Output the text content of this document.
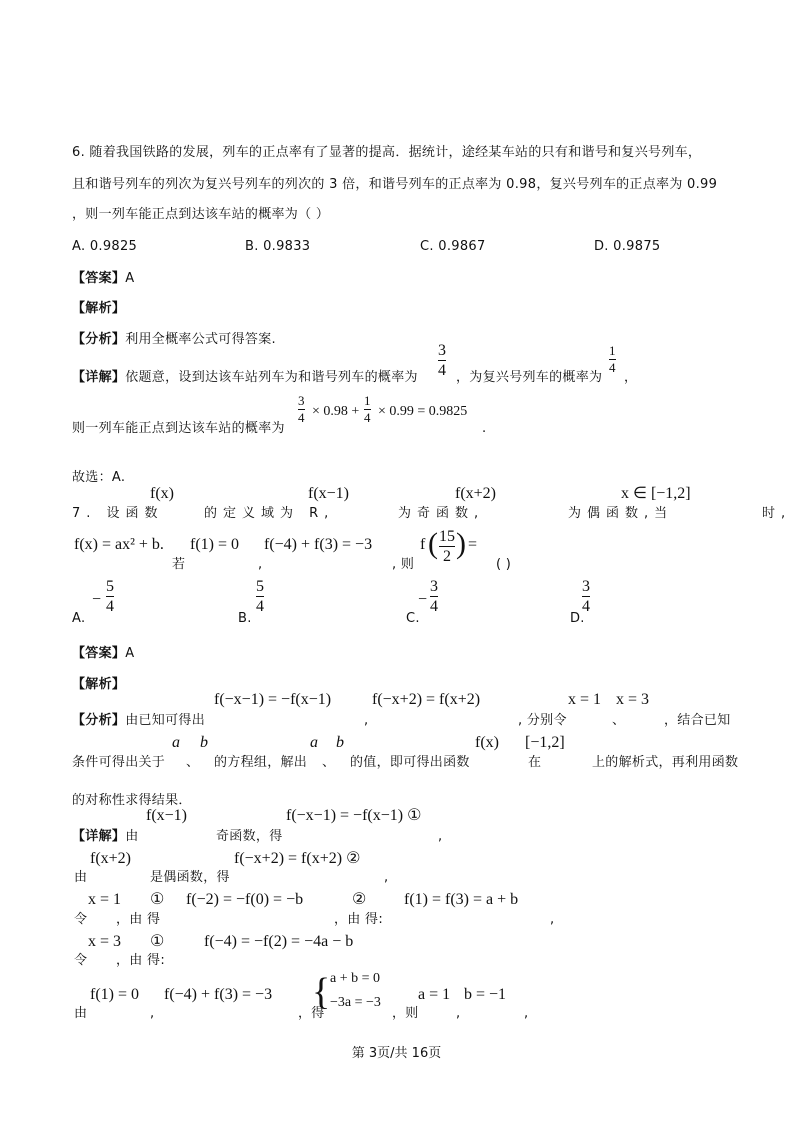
6. 随着我国铁路的发展，列车的正点率有了显著的提高．据统计，途经某车站的只有和谐号和复兴号列车，
且和谐号列车的列次为复兴号列车的列次的 3 倍，和谐号列车的正点率为 0.98，复兴号列车的正点率为 0.99
，则一列车能正点到达该车站的概率为（ ）
A. 0.9825	B. 0.9833	C. 0.9867	D. 0.9875
【答案】A
【解析】
【分析】利用全概率公式可得答案.
【详解】依题意，设到达该车站列车为和谐号列车的概率为
3
4 ，为复兴号列车的概率为
1
4
，
则一列车能正点到达该车站的概率为
3
4 × 0.98 +
1
4 × 0.99 = 0.9825
.
故选：A.
f(x)	f(x−1)	f(x+2)	x ∈ [−1,2]
7. 设函数	的定义域为 R,	为奇函数,	为偶函数,当	时,
f(x) = ax² + b. f(1) = 0 f(−4) + f(3) = −3
若	,	, 则
f ( 15
2 ) =
( )
A.
−
5
4
B.
5
4
C.
−
3
4
D.
3
4
【答案】A
【解析】
f(−x−1) = −f(x−1)	f(−x+2) = f(x+2)	x = 1 x = 3
【分析】由已知可得出	,	, 分别令	、	，结合已知
a b	a b	f(x) [−1,2]
条件可得出关于 、 的方程组，解出 、 的值，即可得出函数	在	上的解析式，再利用函数
的对称性求得结果．
f(x−1)	f(−x−1) = −f(x−1) ①
【详解】由	奇函数，得	,
f(x+2)	f(−x+2) = f(x+2) ②
由	是偶函数，得	,
x = 1 ① f(−2) = −f(0) = −b	② f(1) = f(3) = a + b
令 ，由 得	，由 得:	,
x = 3 ① f(−4) = −f(2) = −4a − b
令 ，由 得:
f(1) = 0 f(−4) + f(3) = −3 { a + b = 0
−3a = −3 a = 1 b = −1
由	,	，得	，则	,	,
第 3页/共 16页
